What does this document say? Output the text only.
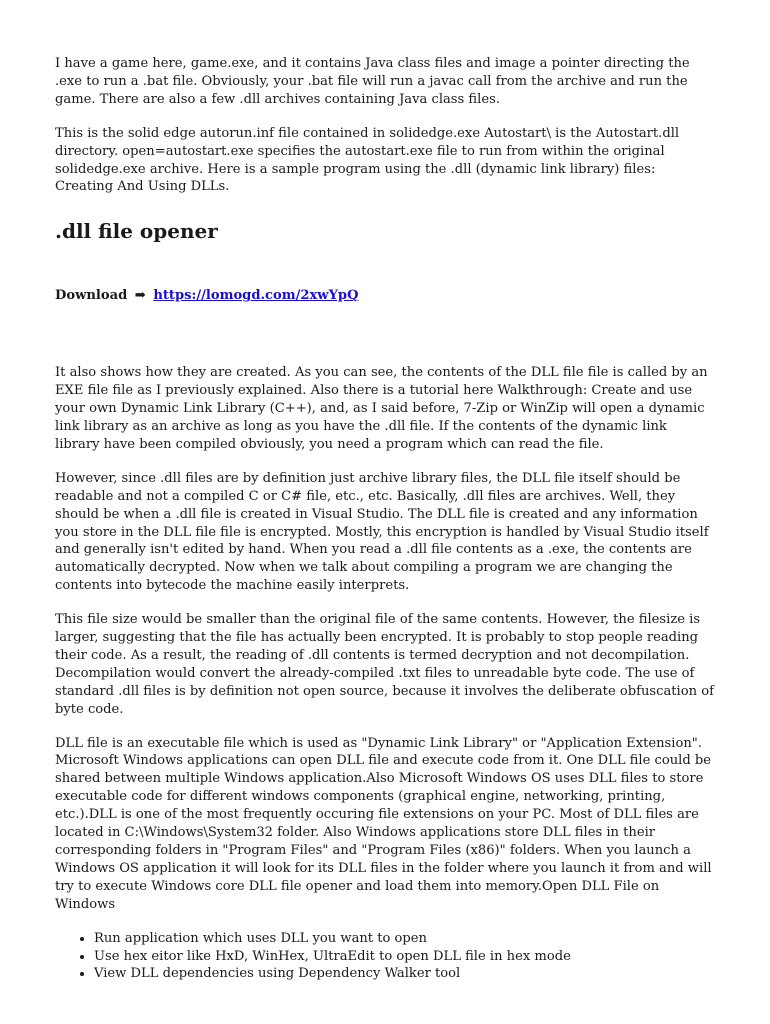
I have a game here, game.exe, and it contains Java class files and image a pointer directing the .exe to run a .bat file. Obviously, your .bat file will run a javac call from the archive and run the game. There are also a few .dll archives containing Java class files.

This is the solid edge autorun.inf file contained in solidedge.exe Autostart\ is the Autostart.dll directory. open=autostart.exe specifies the autostart.exe file to run from within the original solidedge.exe archive. Here is a sample program using the .dll (dynamic link library) files: Creating And Using DLLs.

.dll file opener
Download ➡ https://lomogd.com/2xwYpQ

It also shows how they are created. As you can see, the contents of the DLL file file is called by an EXE file file as I previously explained. Also there is a tutorial here Walkthrough: Create and use your own Dynamic Link Library (C++), and, as I said before, 7-Zip or WinZip will open a dynamic link library as an archive as long as you have the .dll file. If the contents of the dynamic link library have been compiled obviously, you need a program which can read the file.

However, since .dll files are by definition just archive library files, the DLL file itself should be readable and not a compiled C or C# file, etc., etc. Basically, .dll files are archives. Well, they should be when a .dll file is created in Visual Studio. The DLL file is created and any information you store in the DLL file file is encrypted. Mostly, this encryption is handled by Visual Studio itself and generally isn't edited by hand. When you read a .dll file contents as a .exe, the contents are automatically decrypted. Now when we talk about compiling a program we are changing the contents into bytecode the machine easily interprets.

This file size would be smaller than the original file of the same contents. However, the filesize is larger, suggesting that the file has actually been encrypted. It is probably to stop people reading their code. As a result, the reading of .dll contents is termed decryption and not decompilation. Decompilation would convert the already-compiled .txt files to unreadable byte code. The use of standard .dll files is by definition not open source, because it involves the deliberate obfuscation of byte code.

DLL file is an executable file which is used as "Dynamic Link Library" or "Application Extension". Microsoft Windows applications can open DLL file and execute code from it. One DLL file could be shared between multiple Windows application.Also Microsoft Windows OS uses DLL files to store executable code for different windows components (graphical engine, networking, printing, etc.).DLL is one of the most frequently occuring file extensions on your PC. Most of DLL files are located in C:\Windows\System32 folder. Also Windows applications store DLL files in their corresponding folders in "Program Files" and "Program Files (x86)" folders. When you launch a Windows OS application it will look for its DLL files in the folder where you launch it from and will try to execute Windows core DLL file opener and load them into memory.Open DLL File on Windows

• Run application which uses DLL you want to open
• Use hex eitor like HxD, WinHex, UltraEdit to open DLL file in hex mode
• View DLL dependencies using Dependency Walker tool
